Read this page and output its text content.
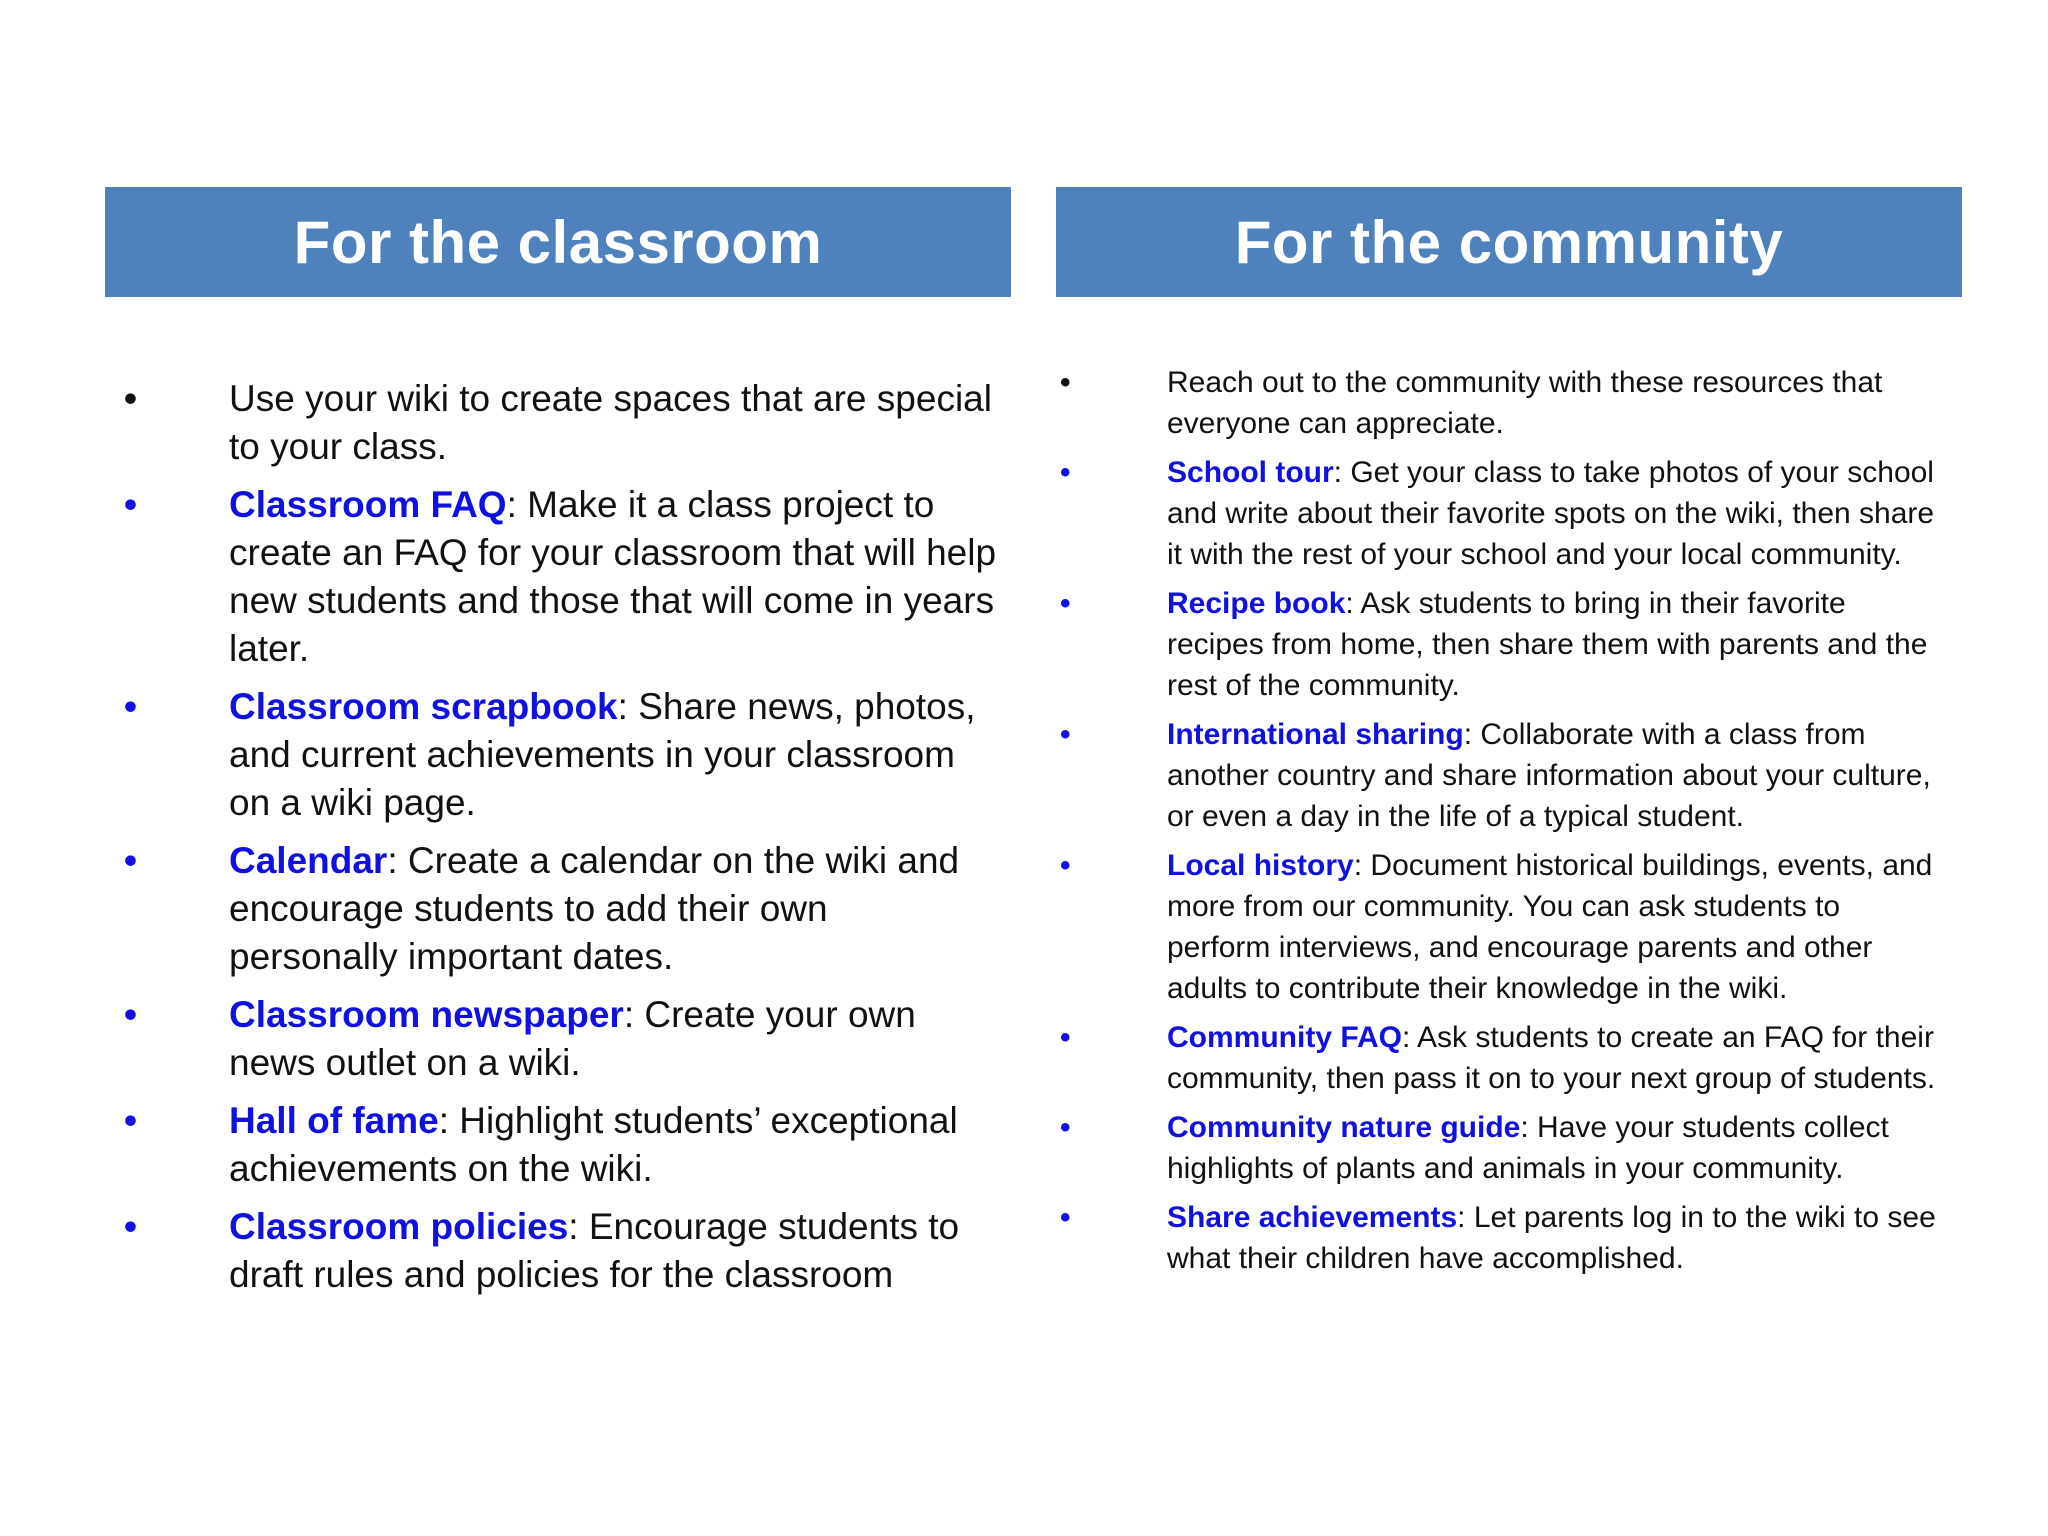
For the classroom	For the community
•	Use your wiki to create spaces that are special to your class.
•	Classroom FAQ: Make it a class project to create an FAQ for your classroom that will help new students and those that will come in years later.
•	Classroom scrapbook: Share news, photos, and current achievements in your classroom on a wiki page.
•	Calendar: Create a calendar on the wiki and encourage students to add their own personally important dates.
•	Classroom newspaper: Create your own news outlet on a wiki.
•	Hall of fame: Highlight students’ exceptional achievements on the wiki.
•	Classroom policies: Encourage students to draft rules and policies for the classroom
•	Reach out to the community with these resources that everyone can appreciate.
•	School tour: Get your class to take photos of your school and write about their favorite spots on the wiki, then share it with the rest of your school and your local community.
•	Recipe book: Ask students to bring in their favorite recipes from home, then share them with parents and the rest of the community.
•	International sharing: Collaborate with a class from another country and share information about your culture, or even a day in the life of a typical student.
•	Local history: Document historical buildings, events, and more from our community. You can ask students to perform interviews, and encourage parents and other adults to contribute their knowledge in the wiki.
•	Community FAQ: Ask students to create an FAQ for their community, then pass it on to your next group of students.
•	Community nature guide: Have your students collect highlights of plants and animals in your community.
•	Share achievements: Let parents log in to the wiki to see what their children have accomplished.
